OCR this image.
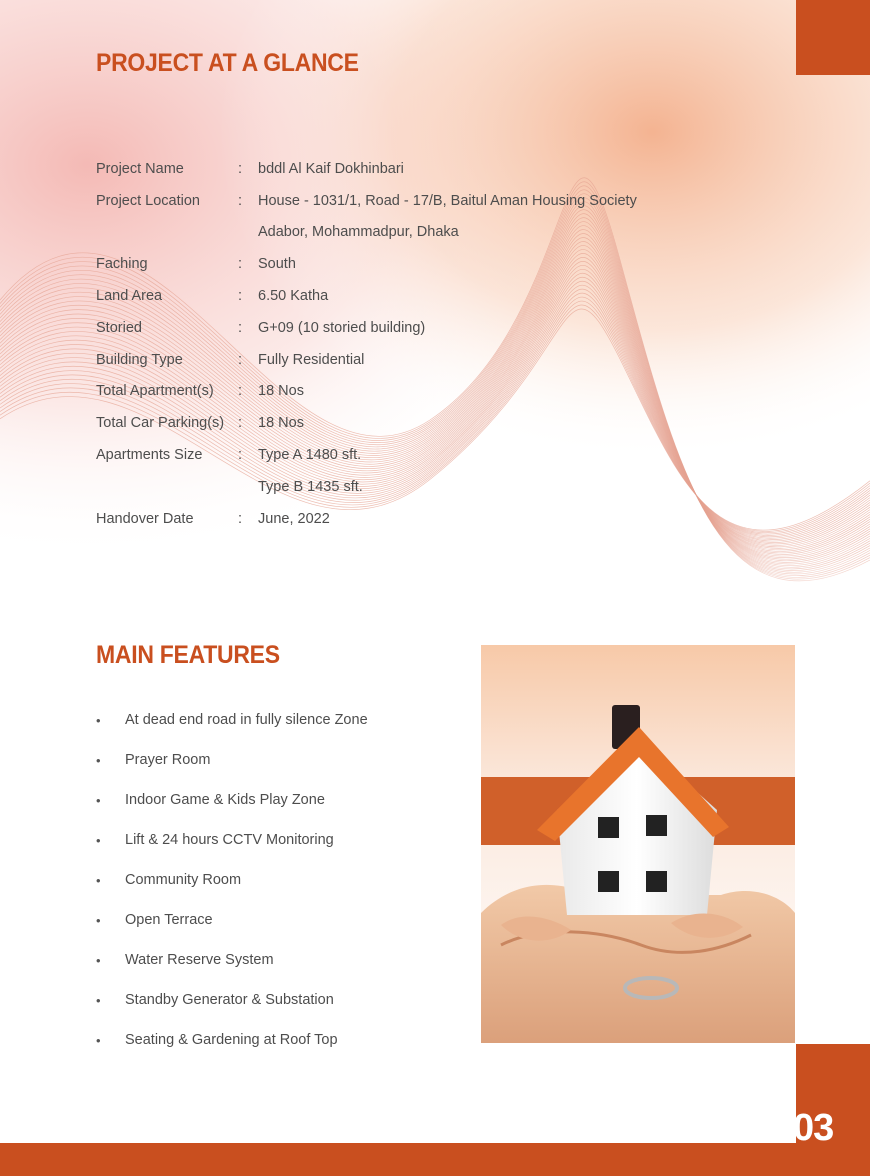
03
PROJECT AT A GLANCE
Project Name	:	bddl Al Kaif Dokhinbari
Project Location	:	House - 1031/1, Road - 17/B, Baitul Aman Housing Society
Adabor, Mohammadpur, Dhaka
Faching	:	South
Land Area	:	6.50 Katha
Storied	:	G+09 (10 storied building)
Building Type	:	Fully Residential
Total Apartment(s)	:	18 Nos
Total Car Parking(s) :	18 Nos
Apartments Size	:	Type A 1480 sft.
Type B 1435 sft.
Handover Date	:	June, 2022
MAIN FEATURES
•	At dead end road in fully silence Zone
•	Prayer Room
•	Indoor Game & Kids Play Zone
•	Lift & 24 hours CCTV Monitoring
•	Community Room
•	Open Terrace
•	Water Reserve System
•	Standby Generator & Substation
•	Seating & Gardening at Roof Top
